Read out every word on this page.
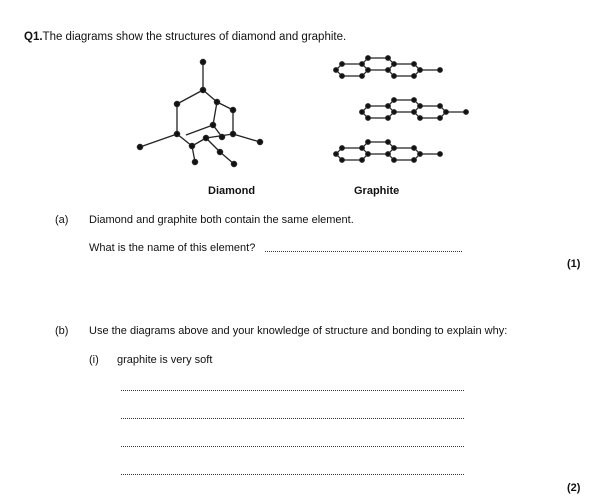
Q1.The diagrams show the structures of diamond and graphite.
Diamond	Graphite
(a) Diamond and graphite both contain the same element.
What is the name of this element?
(1)
(b) Use the diagrams above and your knowledge of structure and bonding to explain why:
(i) graphite is very soft
(2)
